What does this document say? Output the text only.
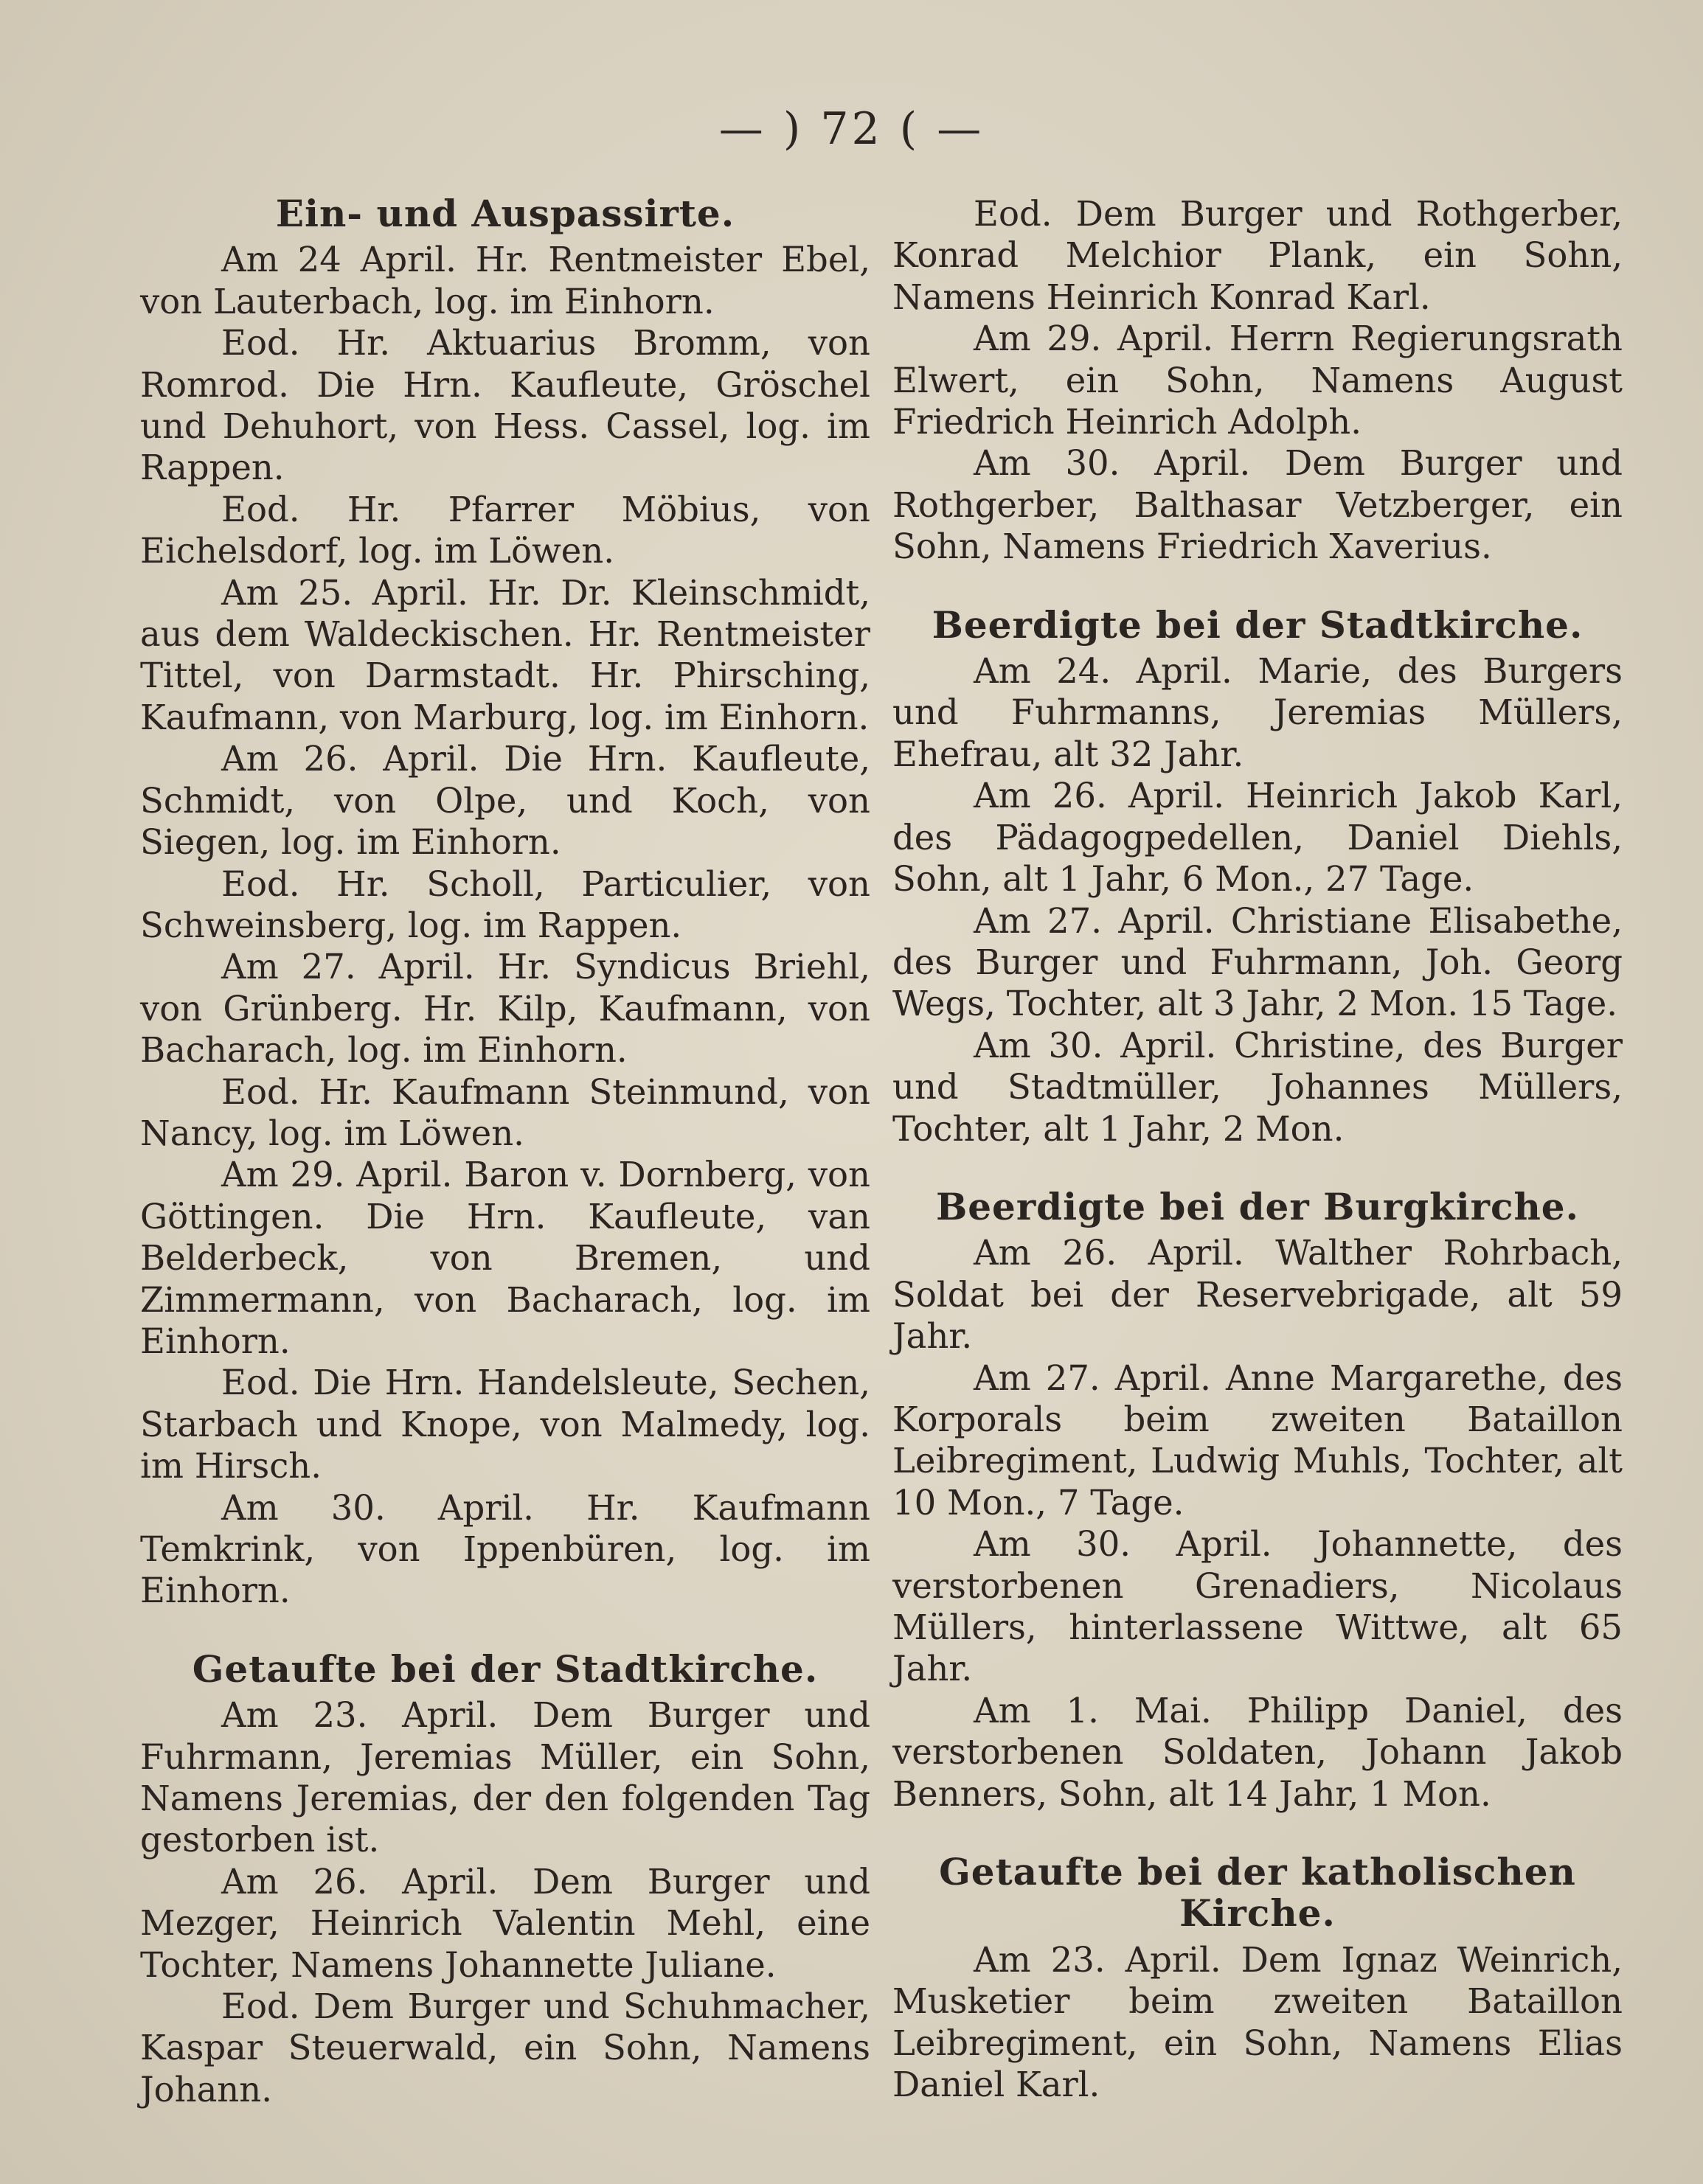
— ) 72 ( —

Ein- und Auspassirte.

Am 24 April. Hr. Rentmeister Ebel, von Lauterbach, log. im Einhorn.

Eod. Hr. Aktuarius Bromm, von Romrod. Die Hrn. Kaufleute, Gröschel und Dehuhort, von Hess. Cassel, log. im Rappen.

Eod. Hr. Pfarrer Möbius, von Eichelsdorf, log. im Löwen.

Am 25. April. Hr. Dr. Kleinschmidt, aus dem Waldeckischen. Hr. Rentmeister Tittel, von Darmstadt. Hr. Phirsching, Kaufmann, von Marburg, log. im Einhorn.

Am 26. April. Die Hrn. Kaufleute, Schmidt, von Olpe, und Koch, von Siegen, log. im Einhorn.

Eod. Hr. Scholl, Particulier, von Schweinsberg, log. im Rappen.

Am 27. April. Hr. Syndicus Briehl, von Grünberg. Hr. Kilp, Kaufmann, von Bacharach, log. im Einhorn.

Eod. Hr. Kaufmann Steinmund, von Nancy, log. im Löwen.

Am 29. April. Baron v. Dornberg, von Göttingen. Die Hrn. Kaufleute, van Belderbeck, von Bremen, und Zimmermann, von Bacharach, log. im Einhorn.

Eod. Die Hrn. Handelsleute, Sechen, Starbach und Knope, von Malmedy, log. im Hirsch.

Am 30. April. Hr. Kaufmann Temkrink, von Ippenbüren, log. im Einhorn.

Getaufte bei der Stadtkirche.

Am 23. April. Dem Burger und Fuhrmann, Jeremias Müller, ein Sohn, Namens Jeremias, der den folgenden Tag gestorben ist.

Am 26. April. Dem Burger und Mezger, Heinrich Valentin Mehl, eine Tochter, Namens Johannette Juliane.

Eod. Dem Burger und Schuhmacher, Kaspar Steuerwald, ein Sohn, Namens Johann.

Eod. Dem Burger und Rothgerber, Konrad Melchior Plank, ein Sohn, Namens Heinrich Konrad Karl.

Am 29. April. Herrn Regierungsrath Elwert, ein Sohn, Namens August Friedrich Heinrich Adolph.

Am 30. April. Dem Burger und Rothgerber, Balthasar Vetzberger, ein Sohn, Namens Friedrich Xaverius.

Beerdigte bei der Stadtkirche.

Am 24. April. Marie, des Burgers und Fuhrmanns, Jeremias Müllers, Ehefrau, alt 32 Jahr.

Am 26. April. Heinrich Jakob Karl, des Pädagogpedellen, Daniel Diehls, Sohn, alt 1 Jahr, 6 Mon., 27 Tage.

Am 27. April. Christiane Elisabethe, des Burger und Fuhrmann, Joh. Georg Wegs, Tochter, alt 3 Jahr, 2 Mon. 15 Tage.

Am 30. April. Christine, des Burger und Stadtmüller, Johannes Müllers, Tochter, alt 1 Jahr, 2 Mon.

Beerdigte bei der Burgkirche.

Am 26. April. Walther Rohrbach, Soldat bei der Reservebrigade, alt 59 Jahr.

Am 27. April. Anne Margarethe, des Korporals beim zweiten Bataillon Leibregiment, Ludwig Muhls, Tochter, alt 10 Mon., 7 Tage.

Am 30. April. Johannette, des verstorbenen Grenadiers, Nicolaus Müllers, hinterlassene Wittwe, alt 65 Jahr.

Am 1. Mai. Philipp Daniel, des verstorbenen Soldaten, Johann Jakob Benners, Sohn, alt 14 Jahr, 1 Mon.

Getaufte bei der katholischen Kirche.

Am 23. April. Dem Ignaz Weinrich, Musketier beim zweiten Bataillon Leibregiment, ein Sohn, Namens Elias Daniel Karl.
